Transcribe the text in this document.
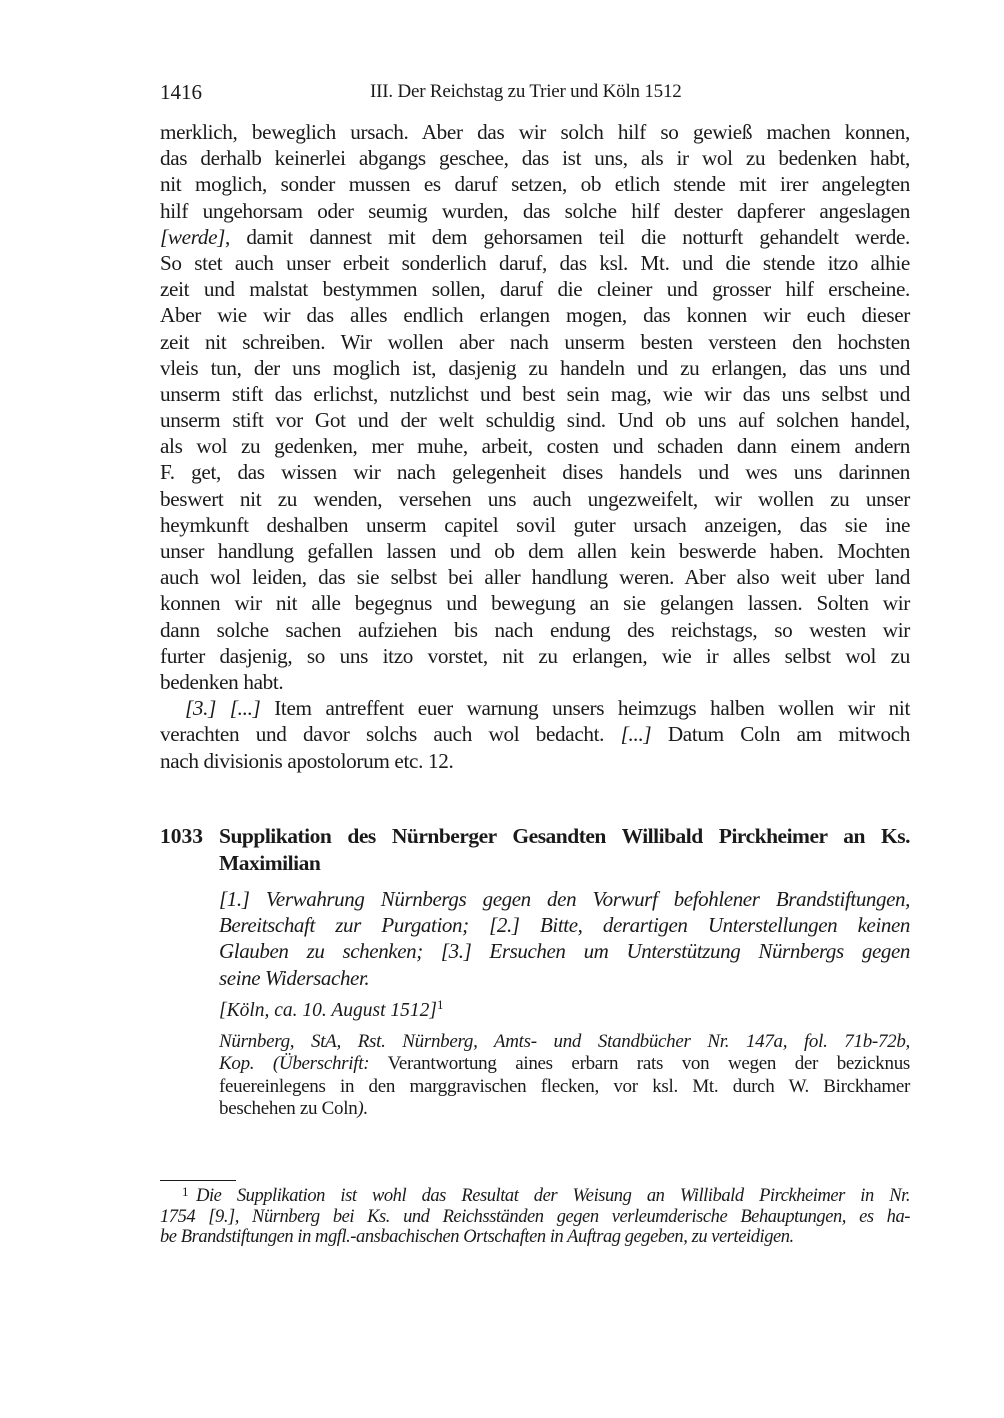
1416	III. Der Reichstag zu Trier und Köln 1512
merklich, beweglich ursach. Aber das wir solch hilf so gewieß machen konnen,
das derhalb keinerlei abgangs geschee, das ist uns, als ir wol zu bedenken habt,
nit moglich, sonder mussen es daruf setzen, ob etlich stende mit irer angelegten
hilf ungehorsam oder seumig wurden, das solche hilf dester dapferer angeslagen
[werde], damit dannest mit dem gehorsamen teil die notturft gehandelt werde.
So stet auch unser erbeit sonderlich daruf, das ksl. Mt. und die stende itzo alhie
zeit und malstat bestymmen sollen, daruf die cleiner und grosser hilf erscheine.
Aber wie wir das alles endlich erlangen mogen, das konnen wir euch dieser
zeit nit schreiben. Wir wollen aber nach unserm besten versteen den hochsten
vleis tun, der uns moglich ist, dasjenig zu handeln und zu erlangen, das uns und
unserm stift das erlichst, nutzlichst und best sein mag, wie wir das uns selbst und
unserm stift vor Got und der welt schuldig sind. Und ob uns auf solchen handel,
als wol zu gedenken, mer muhe, arbeit, costen und schaden dann einem andern
F. get, das wissen wir nach gelegenheit dises handels und wes uns darinnen
beswert nit zu wenden, versehen uns auch ungezweifelt, wir wollen zu unser
heymkunft deshalben unserm capitel sovil guter ursach anzeigen, das sie ine
unser handlung gefallen lassen und ob dem allen kein beswerde haben. Mochten
auch wol leiden, das sie selbst bei aller handlung weren. Aber also weit uber land
konnen wir nit alle begegnus und bewegung an sie gelangen lassen. Solten wir
dann solche sachen aufziehen bis nach endung des reichstags, so westen wir
furter dasjenig, so uns itzo vorstet, nit zu erlangen, wie ir alles selbst wol zu
bedenken habt.
[3.] [...] Item antreffent euer warnung unsers heimzugs halben wollen wir nit
verachten und davor solchs auch wol bedacht. [...] Datum Coln am mitwoch
nach divisionis apostolorum etc. 12.
1033 Supplikation des Nürnberger Gesandten Willibald Pirckheimer an Ks.
Maximilian
[1.] Verwahrung Nürnbergs gegen den Vorwurf befohlener Brandstiftungen,
Bereitschaft zur Purgation; [2.] Bitte, derartigen Unterstellungen keinen
Glauben zu schenken; [3.] Ersuchen um Unterstützung Nürnbergs gegen
seine Widersacher.
[Köln, ca. 10. August 1512]$^1$
Nürnberg, StA, Rst. Nürnberg, Amts- und Standbücher Nr. 147a, fol. 71b-72b,
Kop. (Überschrift: Verantwortung aines erbarn rats von wegen der bezicknus
feuereinlegens in den marggravischen flecken, vor ksl. Mt. durch W. Birckhamer
beschehen zu Coln).
$^1$ Die Supplikation ist wohl das Resultat der Weisung an Willibald Pirckheimer in Nr.
1754 [9.], Nürnberg bei Ks. und Reichsständen gegen verleumderische Behauptungen, es ha-
be Brandstiftungen in mgfl.-ansbachischen Ortschaften in Auftrag gegeben, zu verteidigen.
